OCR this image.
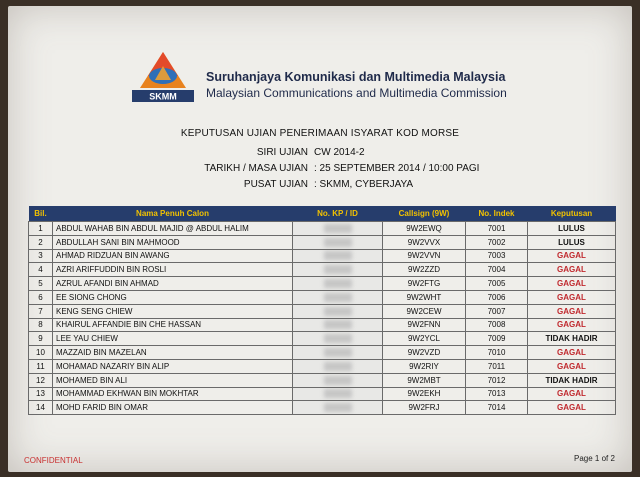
SKMM
Suruhanjaya Komunikasi dan Multimedia Malaysia
Malaysian Communications and Multimedia Commission
KEPUTUSAN UJIAN PENERIMAAN ISYARAT KOD MORSE
SIRI UJIAN CW 2014-2
TARIKH / MASA UJIAN : 25 SEPTEMBER 2014 / 10:00 PAGI
PUSAT UJIAN : SKMM, CYBERJAYA
Bil.	Nama Penuh Calon	No. KP / ID	Callsign (9W)	No. Indek	Keputusan
1	ABDUL WAHAB BIN ABDUL MAJID @ ABDUL HALIM		9W2EWQ	7001	LULUS
2	ABDULLAH SANI BIN MAHMOOD		9W2VVX	7002	LULUS
3	AHMAD RIDZUAN BIN AWANG		9W2VVN	7003	GAGAL
4	AZRI ARIFFUDDIN BIN ROSLI		9W2ZZD	7004	GAGAL
5	AZRUL AFANDI BIN AHMAD		9W2FTG	7005	GAGAL
6	EE SIONG CHONG		9W2WHT	7006	GAGAL
7	KENG SENG CHIEW		9W2CEW	7007	GAGAL
8	KHAIRUL AFFANDIE BIN CHE HASSAN		9W2FNN	7008	GAGAL
9	LEE YAU CHIEW		9W2YCL	7009	TIDAK HADIR
10	MAZZAID BIN MAZELAN		9W2VZD	7010	GAGAL
11	MOHAMAD NAZARIY BIN ALIP		9W2RIY	7011	GAGAL
12	MOHAMED BIN ALI		9W2MBT	7012	TIDAK HADIR
13	MOHAMMAD EKHWAN BIN MOKHTAR		9W2EKH	7013	GAGAL
14	MOHD FARID BIN OMAR		9W2FRJ	7014	GAGAL
CONFIDENTIAL	Page 1 of 2
